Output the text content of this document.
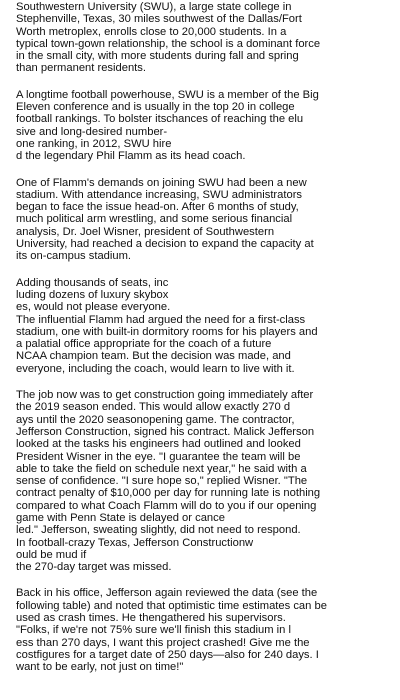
Southwestern University (SWU), a large state college in
Stephenville, Texas, 30 miles southwest of the Dallas/Fort
Worth metroplex, enrolls close to 20,000 students. In a
typical town-gown relationship, the school is a dominant force
in the small city, with more students during fall and spring
than permanent residents.
A longtime football powerhouse, SWU is a member of the Big
Eleven conference and is usually in the top 20 in college
football rankings. To bolster itschances of reaching the elu
sive and long-desired number-
one ranking, in 2012, SWU hire
d the legendary Phil Flamm as its head coach.
One of Flamm's demands on joining SWU had been a new
stadium. With attendance increasing, SWU administrators
began to face the issue head-on. After 6 months of study,
much political arm wrestling, and some serious financial
analysis, Dr. Joel Wisner, president of Southwestern
University, had reached a decision to expand the capacity at
its on-campus stadium.
Adding thousands of seats, inc
luding dozens of luxury skybox
es, would not please everyone.
The influential Flamm had argued the need for a first-class
stadium, one with built-in dormitory rooms for his players and
a palatial office appropriate for the coach of a future
NCAA champion team. But the decision was made, and
everyone, including the coach, would learn to live with it.
The job now was to get construction going immediately after
the 2019 season ended. This would allow exactly 270 d
ays until the 2020 seasonopening game. The contractor,
Jefferson Construction, signed his contract. Malick Jefferson
looked at the tasks his engineers had outlined and looked
President Wisner in the eye. "I guarantee the team will be
able to take the field on schedule next year," he said with a
sense of confidence. "I sure hope so," replied Wisner. "The
contract penalty of $10,000 per day for running late is nothing
compared to what Coach Flamm will do to you if our opening
game with Penn State is delayed or cance
led." Jefferson, sweating slightly, did not need to respond.
In football-crazy Texas, Jefferson Constructionw
ould be mud if
the 270-day target was missed.
Back in his office, Jefferson again reviewed the data (see the
following table) and noted that optimistic time estimates can be
used as crash times. He thengathered his supervisors.
"Folks, if we're not 75% sure we'll finish this stadium in l
ess than 270 days, I want this project crashed! Give me the
costfigures for a target date of 250 days—also for 240 days. I
want to be early, not just on time!"
